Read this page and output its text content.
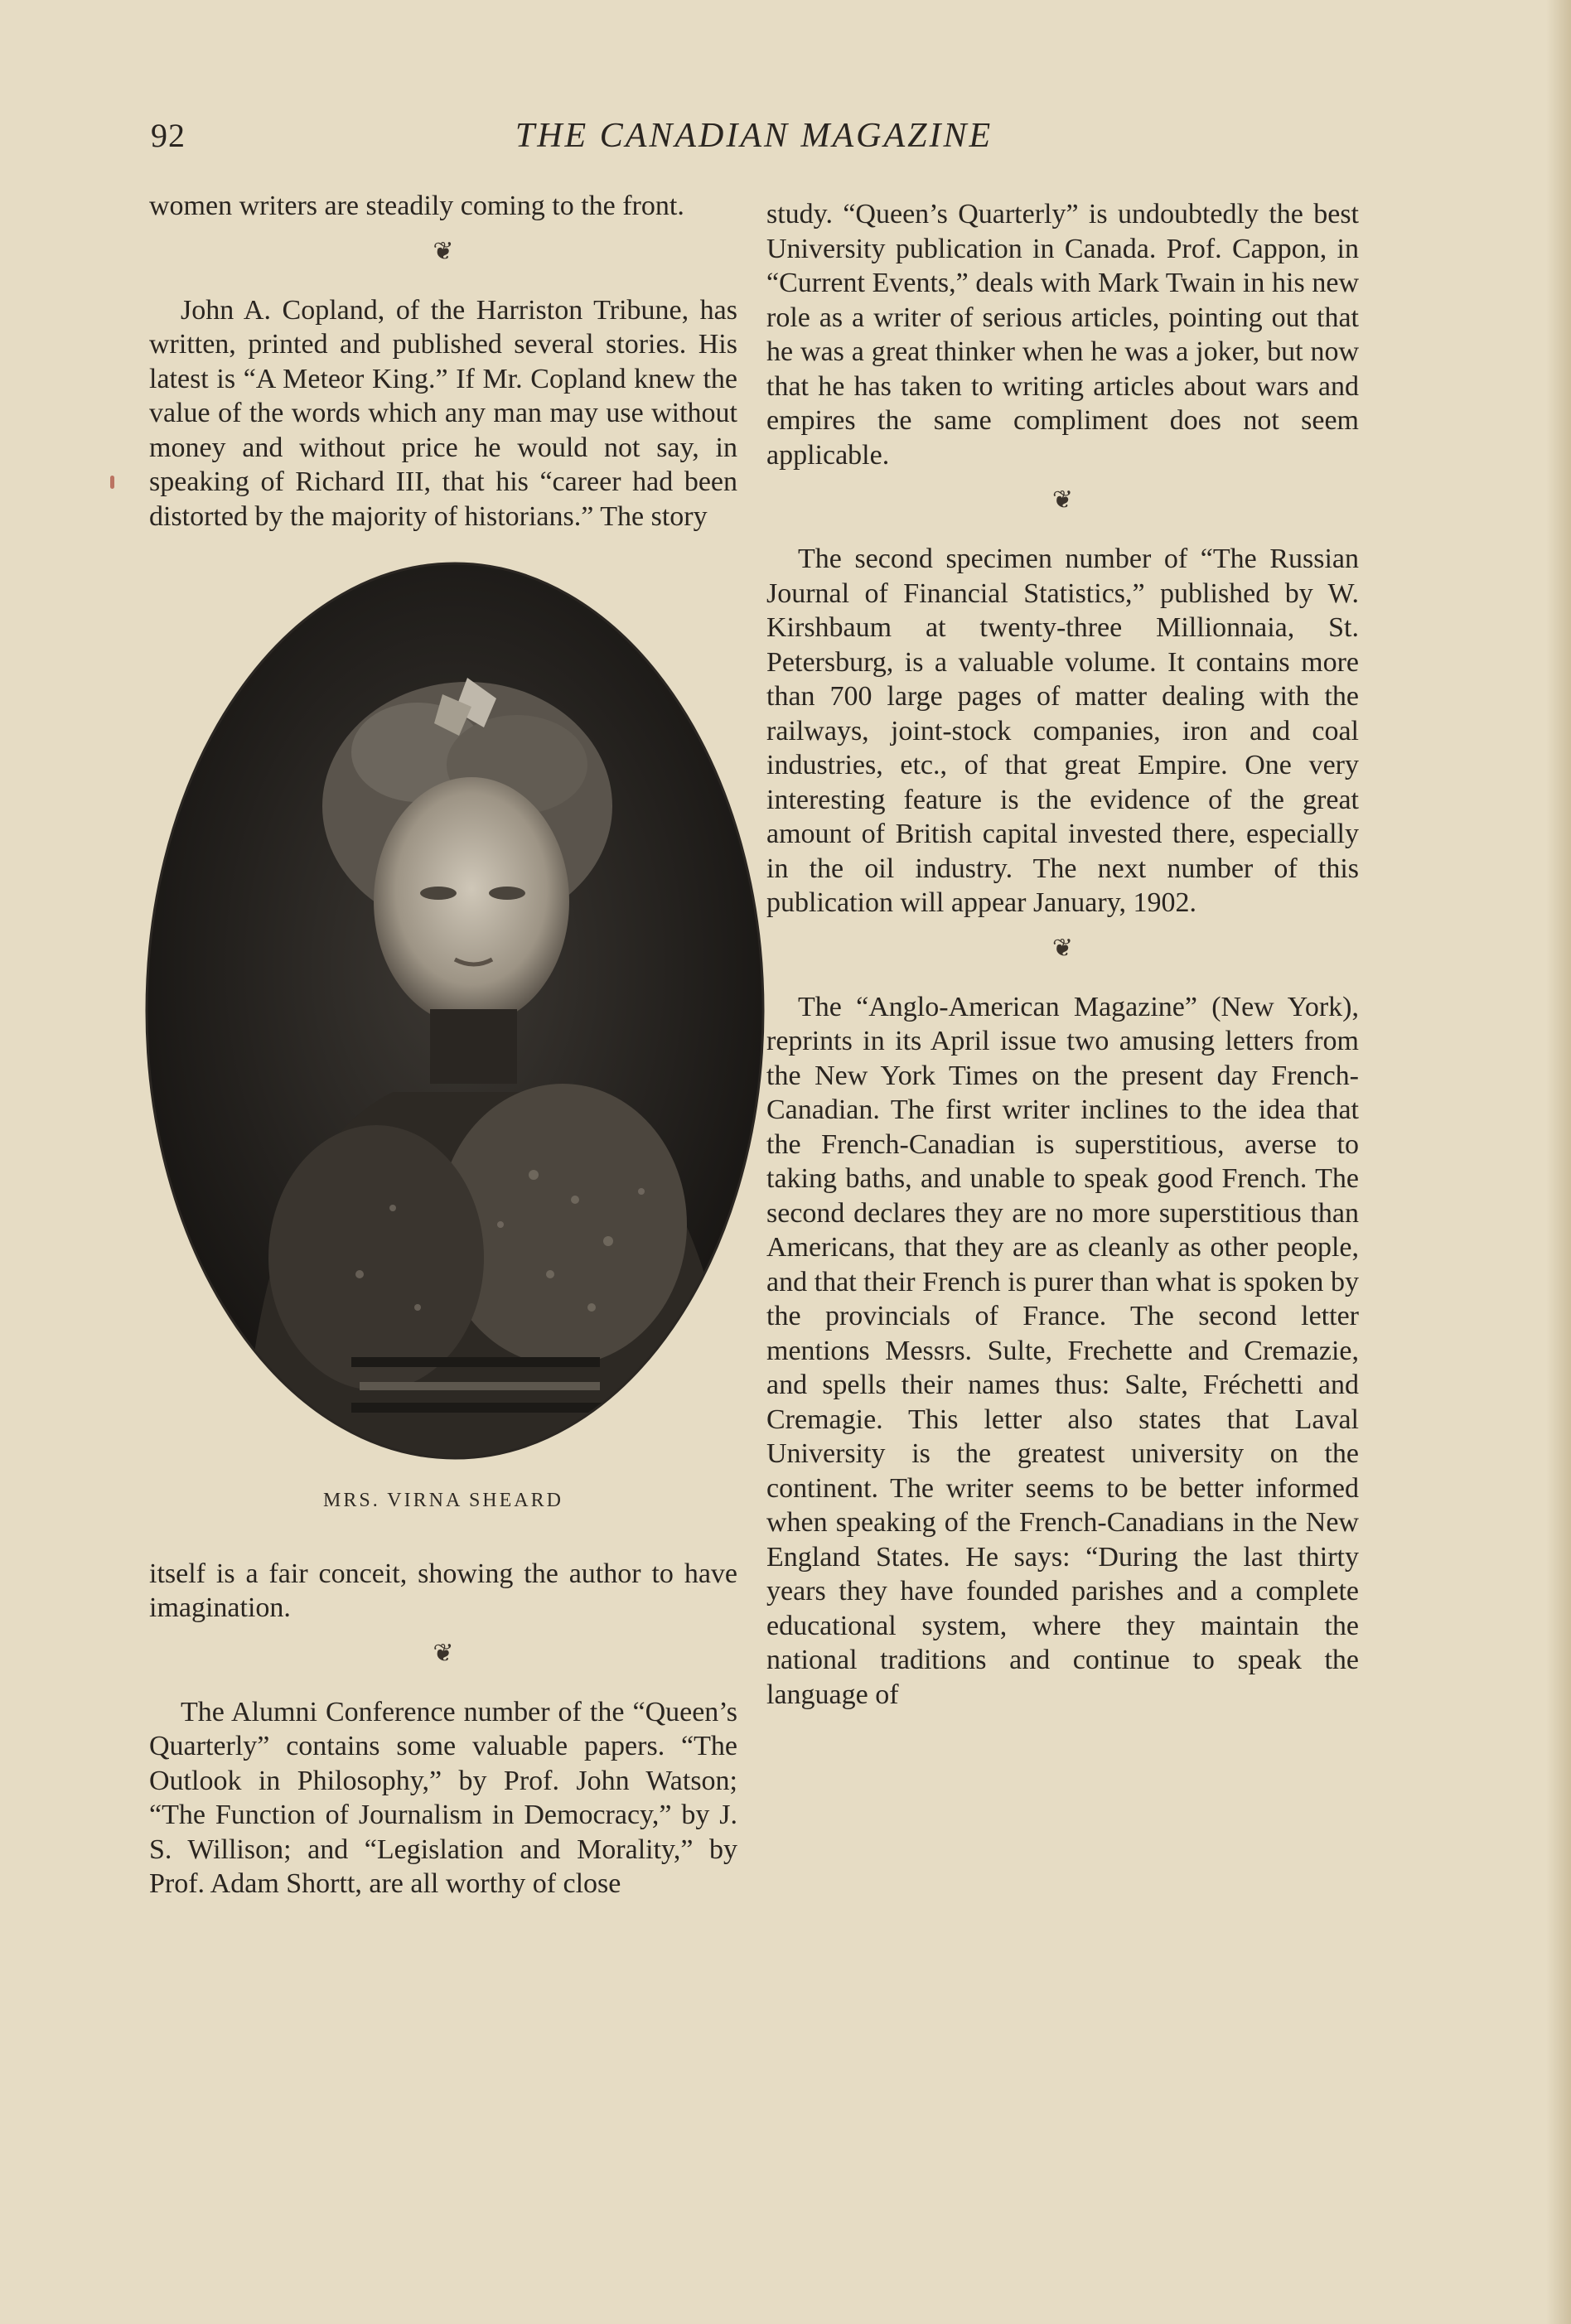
92	THE CANADIAN MAGAZINE

women writers are steadily coming to the front.

❦

John A. Copland, of the Harriston Tribune, has written, printed and published several stories. His latest is “A Meteor King.” If Mr. Copland knew the value of the words which any man may use without money and without price he would not say, in speaking of Richard III, that his “career had been distorted by the majority of historians.” The story

MRS. VIRNA SHEARD

itself is a fair conceit, showing the author to have imagination.

❦

The Alumni Conference number of the “Queen’s Quarterly” contains some valuable papers. “The Outlook in Philosophy,” by Prof. John Watson; “The Function of Journalism in Democracy,” by J. S. Willison; and “Legislation and Morality,” by Prof. Adam Shortt, are all worthy of close

study. “Queen’s Quarterly” is undoubtedly the best University publication in Canada. Prof. Cappon, in “Current Events,” deals with Mark Twain in his new role as a writer of serious articles, pointing out that he was a great thinker when he was a joker, but now that he has taken to writing articles about wars and empires the same compliment does not seem applicable.

❦

The second specimen number of “The Russian Journal of Financial Statistics,” published by W. Kirshbaum at twenty-three Millionnaia, St. Petersburg, is a valuable volume. It contains more than 700 large pages of matter dealing with the railways, joint-stock companies, iron and coal industries, etc., of that great Empire. One very interesting feature is the evidence of the great amount of British capital invested there, especially in the oil industry. The next number of this publication will appear January, 1902.

❦

The “Anglo-American Magazine” (New York), reprints in its April issue two amusing letters from the New York Times on the present day French-Canadian. The first writer inclines to the idea that the French-Canadian is superstitious, averse to taking baths, and unable to speak good French. The second declares they are no more superstitious than Americans, that they are as cleanly as other people, and that their French is purer than what is spoken by the provincials of France. The second letter mentions Messrs. Sulte, Frechette and Cremazie, and spells their names thus: Salte, Fréchetti and Cremagie. This letter also states that Laval University is the greatest university on the continent. The writer seems to be better informed when speaking of the French-Canadians in the New England States. He says: “During the last thirty years they have founded parishes and a complete educational system, where they maintain the national traditions and continue to speak the language of
